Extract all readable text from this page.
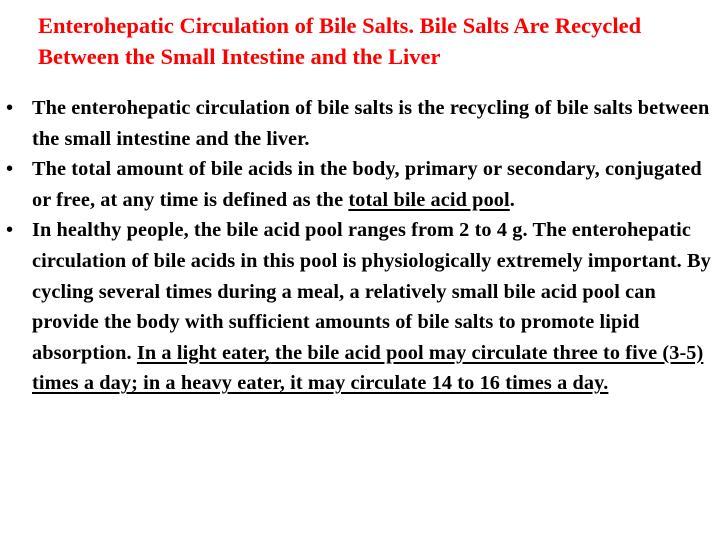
Enterohepatic Circulation of Bile Salts. Bile Salts Are Recycled Between the Small Intestine and the Liver
• The enterohepatic circulation of bile salts is the recycling of bile salts between the small intestine and the liver.
• The total amount of bile acids in the body, primary or secondary, conjugated or free, at any time is defined as the total bile acid pool.
• In healthy people, the bile acid pool ranges from 2 to 4 g. The enterohepatic circulation of bile acids in this pool is physiologically extremely important. By cycling several times during a meal, a relatively small bile acid pool can provide the body with sufficient amounts of bile salts to promote lipid absorption. In a light eater, the bile acid pool may circulate three to five (3-5) times a day; in a heavy eater, it may circulate 14 to 16 times a day.
